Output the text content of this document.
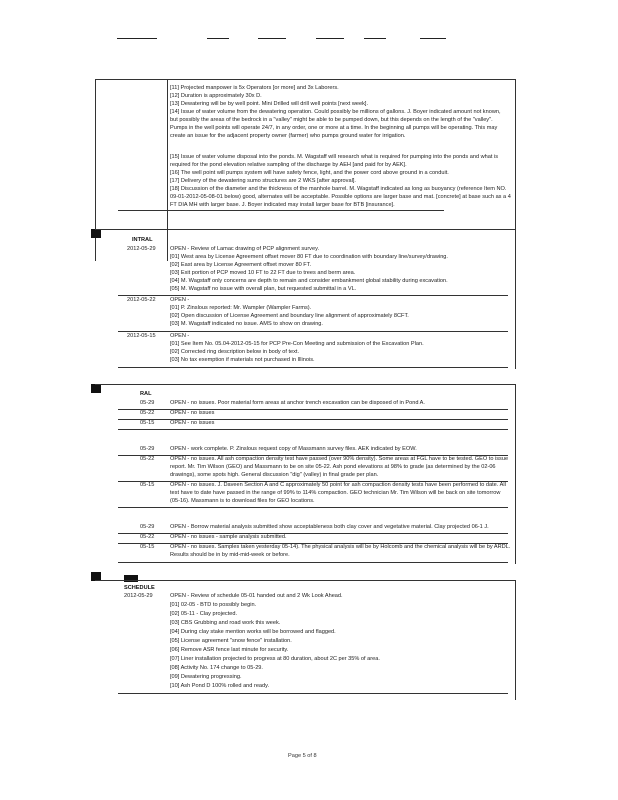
[11] Projected manpower is 5x Operators [or more] and 3x Laborers.
[12] Duration is approximately 30x D.
[13] Dewatering will be by well point. Mini Drilled will drill well points [next week].
[14] Issue of water volume from the dewatering operation. Could possibly be millions of gallons. J. Boyer indicated amount not known,
but possibly the areas of the bedrock in a "valley" might be able to be pumped down, but this depends on the length of the "valley".
Pumps in the well points will operate 24/7, in any order, one or more at a time. In the beginning all pumps will be operating. This may
create an issue for the adjacent property owner (farmer) who pumps ground water for irrigation.
[15] Issue of water volume disposal into the ponds. M. Wagstaff will research what is required for pumping into the ponds and what is
required for the pond elevation relative sampling of the discharge by AEH [and paid for by AEK].
[16] The well point will pumps system will have safety fence, light, and the power cord above ground in a conduit.
[17] Delivery of the dewatering sumo structures are 2 WKS [after approval].
[18] Discussion of the diameter and the thickness of the manhole barrel. M. Wagstaff indicated as long as buoyancy (reference Item NO.
09-01-2012-05-08-01 below) good, alternates will be acceptable. Possible options are larger base and mat. [concrete] at base such as a 4
FT DIA MH with larger base. J. Boyer indicated may install larger base for BTB [insurance].
INTRAL
2012-05-29	OPEN - Review of Lamac drawing of PCP alignment survey.
[01] West area by License Agreement offset mover 80 FT due to coordination with boundary line/survey/drawing.
[02] East area by License Agreement offset mover 80 FT.
[03] Exit portion of PCP moved 10 FT to 22 FT due to trees and berm area.
[04] M. Wagstaff only concerns are depth to remain and consider embankment global stability during excavation.
[05] M. Wagstaff no issue with overall plan, but requested submittal in a VL.
2012-05-22	OPEN -
[01] P. Zinslous reported: Mr. Wampler (Wampler Farms).
[02] Open discussion of License Agreement and boundary line alignment of approximately 8CFT.
[03] M. Wagstaff indicated no issue. AMS to show on drawing.
2012-05-15	OPEN -
[01] See Item No. 05.04-2012-05-15 for PCP Pre-Con Meeting and submission of the Excavation Plan.
[02] Corrected ring description below in body of text.
[03] No tax exemption if materials not purchased in Illinois.
RAL
05-29	OPEN - no issues. Poor material form areas at anchor trench excavation can be disposed of in Pond A.
05-22	OPEN - no issues
05-15	OPEN - no issues
05-29	OPEN - work complete. P. Zinslous request copy of Massmann survey files. AEK indicated by EOW.
05-22	OPEN - no issues. All ash compaction density test have passed (over 90% density). Some areas at FGL have to be tested. GEO to issue
report. Mr. Tim Wilson (GEO) and Massmann to be on site 05-22. Ash pond elevations at 98% to grade (as determined by the 02-06
drawings), some spots high. General discussion "dig" (valley) in final grade per plan.
05-15	OPEN - no issues. J. Daveen Section A and C approximately 50 point for ash compaction density tests have been performed to date. All
test have to date have passed in the range of 99% to 114% compaction. GEO technician Mr. Tim Wilson will be back on site tomorrow
(05-16). Massmann is to download files for GEO locations.
05-29	OPEN - Borrow material analysis submitted show acceptableness both clay cover and vegetative material. Clay projected 06-1 J.
05-22	OPEN - no issues - sample analysis submitted.
05-15	OPEN - no issues. Samples taken yesterday 05-14). The physical analysis will be by Holcomb and the chemical analysis will be by ARDL.
Results should be in by mid-mid-week or before.
SCHEDULE
2012-05-29	OPEN - Review of schedule 05-01 handed out and 2 Wk Look Ahead.
[01] 02-05 - BTD to possibly begin.
[02] 05-11 - Clay projected.
[03] CBS Grubbing and road work this week.
[04] During clay stake mention works will be borrowed and flagged.
[05] License agreement "snow fence" installation.
[06] Remove ASR fence last minute for security.
[07] Liner installation projected to progress at 80 duration, about 2C per 35% of area.
[08] Activity No. 174 change to 05-29.
[09] Dewatering progressing.
[10] Ash Pond D 100% rolled and ready.
Page 5 of 8
